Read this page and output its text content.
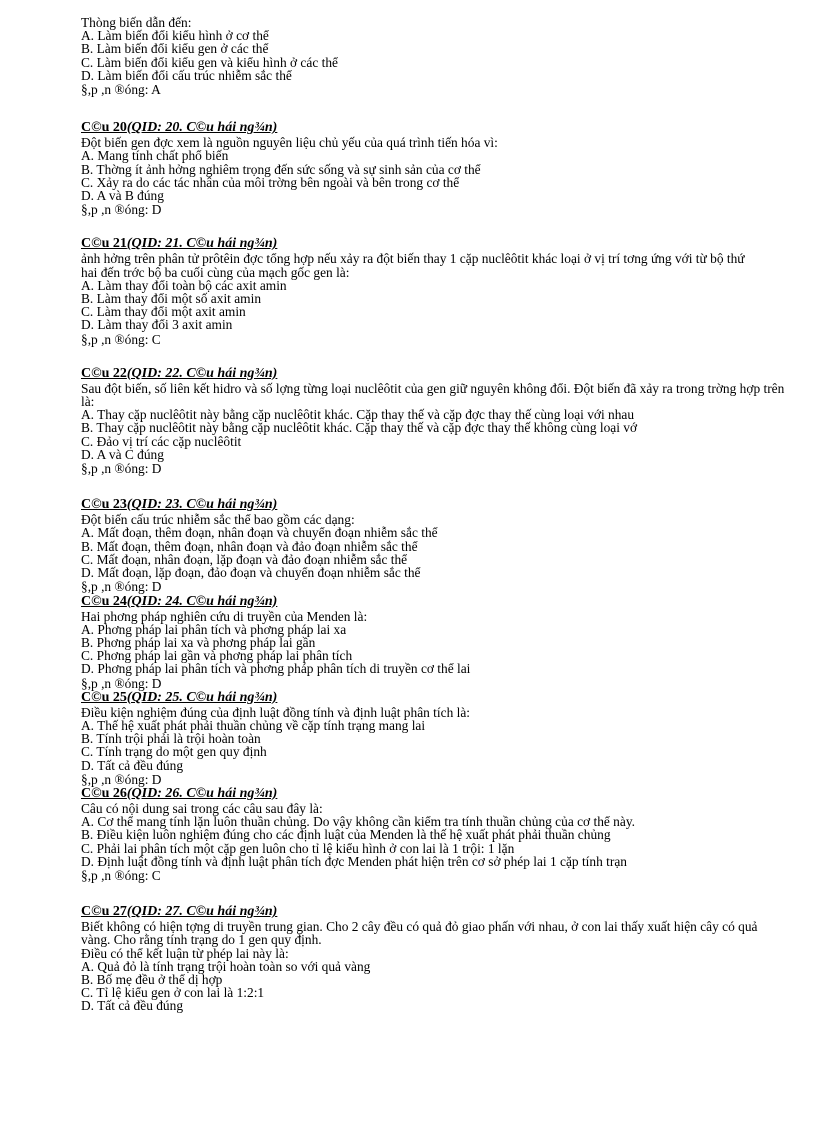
Thòng biến dẫn đến:
A. Làm biến đổi kiểu hình ở cơ thể
B. Làm biến đổi kiểu gen ở các thể
C. Làm biến đổi kiểu gen và kiểu hình ở các thể
D. Làm biến đổi cấu trúc nhiễm sắc thể
§,p ,n ®óng: A
C©u 20(QID: 20. C©u hái ng¾n)
Đột biến gen đợc xem là nguồn nguyên liệu chủ yếu của quá trình tiến hóa vì:
A. Mang tính chất phổ biến
B. Thờng ít ảnh hởng nghiêm trọng đến sức sống và sự sinh sản của cơ thể
C. Xảy ra do các tác nhân của môi trờng bên ngoài và bên trong cơ thể
D. A và B đúng
§,p ,n ®óng: D
C©u 21(QID: 21. C©u hái ng¾n)
ảnh hởng trên phân tử prôtêin đợc tổng hợp nếu xảy ra đột biến thay 1 cặp nuclêôtit khác loại ở vị trí tơng ứng với từ bộ thứ hai đến trớc bộ ba cuối cùng của mạch gốc gen là:
A. Làm thay đổi toàn bộ các axit amin
B. Làm thay đổi một số axit amin
C. Làm thay đổi một axit amin
D. Làm thay đổi 3 axit amin
§,p ,n ®óng: C
C©u 22(QID: 22. C©u hái ng¾n)
Sau đột biến, số liên kết hidro và số lợng từng loại nuclêôtit của gen giữ nguyên không đổi. Đột biến đã xảy ra trong trờng hợp trên là:
A. Thay cặp nuclêôtit này bằng cặp nuclêôtit khác. Cặp thay thế và cặp đợc thay thế cùng loại với nhau
B. Thay cặp nuclêôtit này bằng cặp nuclêôtit khác. Cặp thay thế và cặp đợc thay thế không cùng loại vớ
C. Đảo vị trí các cặp nuclêôtit
D. A và C đúng
§,p ,n ®óng: D
C©u 23(QID: 23. C©u hái ng¾n)
Đột biến cấu trúc nhiễm sắc thể bao gồm các dạng:
A. Mất đoạn, thêm đoạn, nhân đoạn và chuyển đoạn nhiễm sắc thể
B. Mất đoạn, thêm đoạn, nhân đoạn và đảo đoạn nhiễm sắc thể
C. Mất đoạn, nhân đoạn, lặp đoạn và đảo đoạn nhiễm sắc thể
D. Mất đoạn, lặp đoạn, đảo đoạn và chuyển đoạn nhiễm sắc thể
§,p ,n ®óng: D
C©u 24(QID: 24. C©u hái ng¾n)
Hai phơng pháp nghiên cứu di truyền của Menden là:
A. Phơng pháp lai phân tích và phơng pháp lai xa
B. Phơng pháp lai xa và phơng pháp lai gần
C. Phơng pháp lai gần và phơng pháp lai phân tích
D. Phơng pháp lai phân tích và phơng pháp phân tích di truyền cơ thể lai
§,p ,n ®óng: D
C©u 25(QID: 25. C©u hái ng¾n)
Điều kiện nghiệm đúng của định luật đồng tính và định luật phân tích là:
A. Thế hệ xuất phát phải thuần chủng về cặp tính trạng mang lai
B. Tính trội phải là trội hoàn toàn
C. Tính trạng do một gen quy định
D. Tất cả đều đúng
§,p ,n ®óng: D
C©u 26(QID: 26. C©u hái ng¾n)
Câu có nội dung sai trong các câu sau đây là:
A. Cơ thể mang tính lặn luôn thuần chủng. Do vậy không cần kiểm tra tính thuần chủng của cơ thể này.
B. Điều kiện luôn nghiệm đúng cho các định luật của Menden là thế hệ xuất phát phải thuần chủng
C. Phải lai phân tích một cặp gen luôn cho tỉ lệ kiểu hình ở con lai là 1 trội: 1 lặn
D. Định luật đồng tính và định luật phân tích đợc Menden phát hiện trên cơ sở phép lai 1 cặp tính trạn
§,p ,n ®óng: C
C©u 27(QID: 27. C©u hái ng¾n)
Biết không có hiện tợng di truyền trung gian. Cho 2 cây đều có quả đỏ giao phấn với nhau, ở con lai thấy xuất hiện cây có quả vàng. Cho rằng tính trạng do 1 gen quy định.
Điều có thể kết luận từ phép lai này là:
A. Quả đỏ là tính trạng trội hoàn toàn so với quả vàng
B. Bố mẹ đều ở thể dị hợp
C. Tỉ lệ kiểu gen ở con lai là 1:2:1
D. Tất cả đều đúng
